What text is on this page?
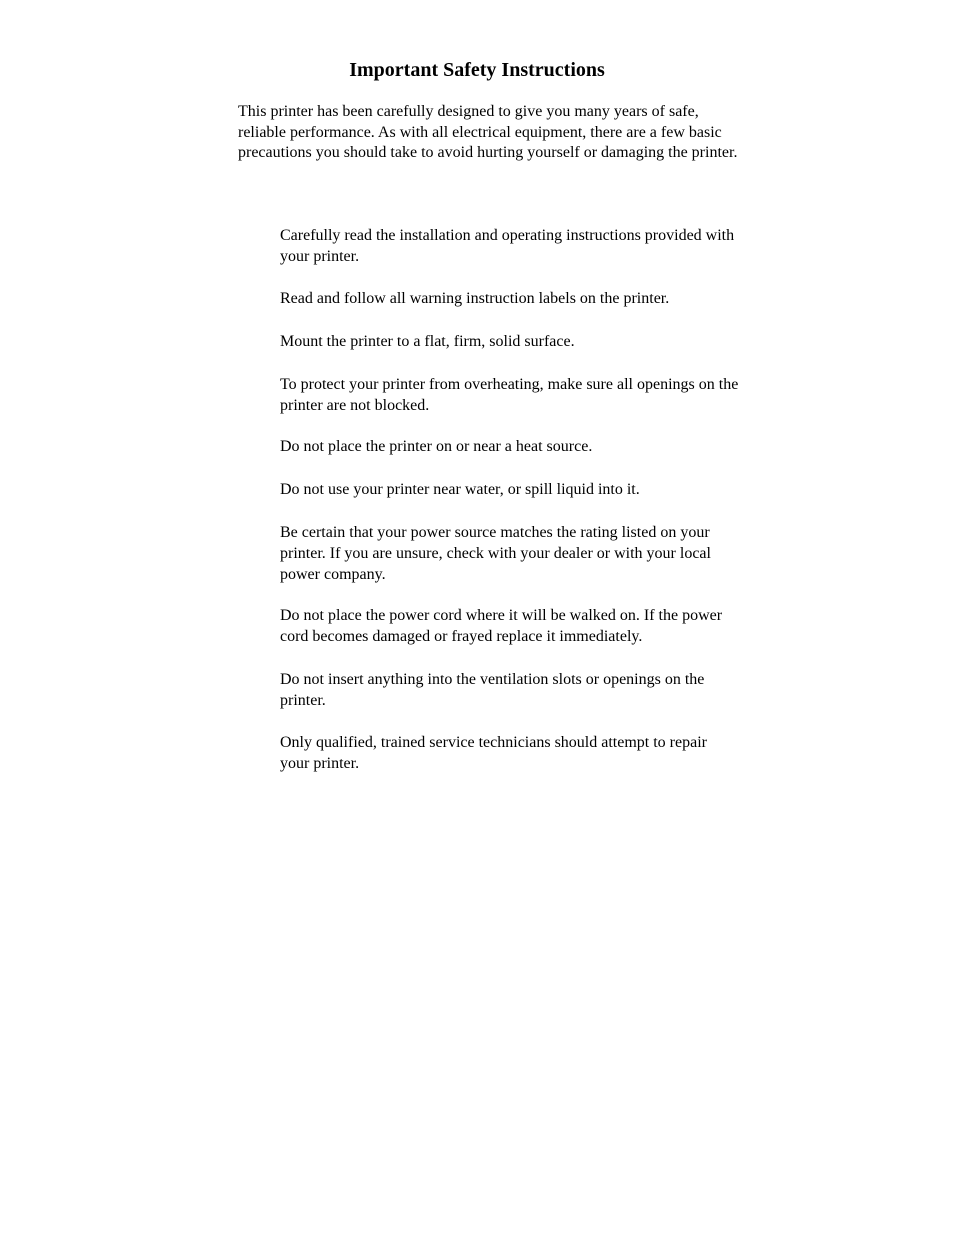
Important Safety Instructions

This printer has been carefully designed to give you many years of safe, reliable performance. As with all electrical equipment, there are a few basic precautions you should take to avoid hurting yourself or damaging the printer.

Carefully read the installation and operating instructions provided with your printer.

Read and follow all warning instruction labels on the printer.

Mount the printer to a flat, firm, solid surface.

To protect your printer from overheating, make sure all openings on the printer are not blocked.

Do not place the printer on or near a heat source.

Do not use your printer near water, or spill liquid into it.

Be certain that your power source matches the rating listed on your printer. If you are unsure, check with your dealer or with your local power company.

Do not place the power cord where it will be walked on. If the power cord becomes damaged or frayed replace it immediately.

Do not insert anything into the ventilation slots or openings on the printer.

Only qualified, trained service technicians should attempt to repair your printer.
